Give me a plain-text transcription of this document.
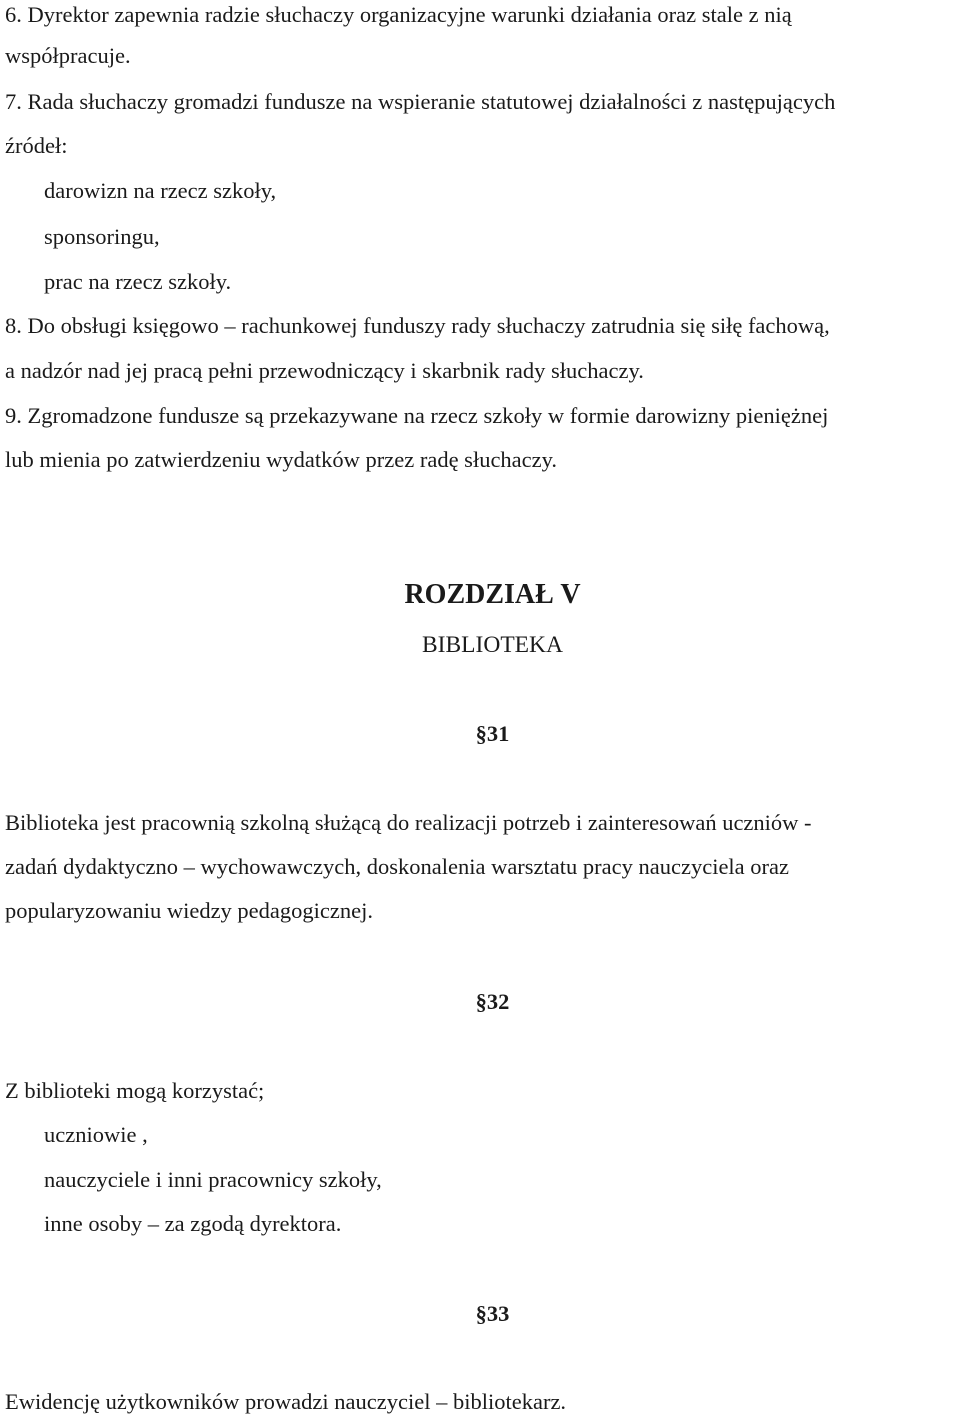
6. Dyrektor zapewnia radzie słuchaczy organizacyjne warunki działania oraz stale z nią
współpracuje.
7. Rada słuchaczy gromadzi fundusze na wspieranie statutowej działalności z następujących
źródeł:
darowizn na rzecz szkoły,
sponsoringu,
prac na rzecz szkoły.
8. Do obsługi księgowo – rachunkowej funduszy rady słuchaczy zatrudnia się siłę fachową,
a nadzór nad jej pracą pełni przewodniczący i skarbnik rady słuchaczy.
9. Zgromadzone fundusze są przekazywane na rzecz szkoły w formie darowizny pieniężnej
lub mienia po zatwierdzeniu wydatków przez radę słuchaczy.
ROZDZIAŁ V
BIBLIOTEKA
§31
Biblioteka jest pracownią szkolną służącą do realizacji potrzeb i zainteresowań uczniów -
zadań dydaktyczno – wychowawczych, doskonalenia warsztatu pracy nauczyciela oraz
popularyzowaniu wiedzy pedagogicznej.
§32
Z biblioteki mogą korzystać;
uczniowie ,
nauczyciele i inni pracownicy szkoły,
inne osoby – za zgodą dyrektora.
§33
Ewidencję użytkowników prowadzi nauczyciel – bibliotekarz.
